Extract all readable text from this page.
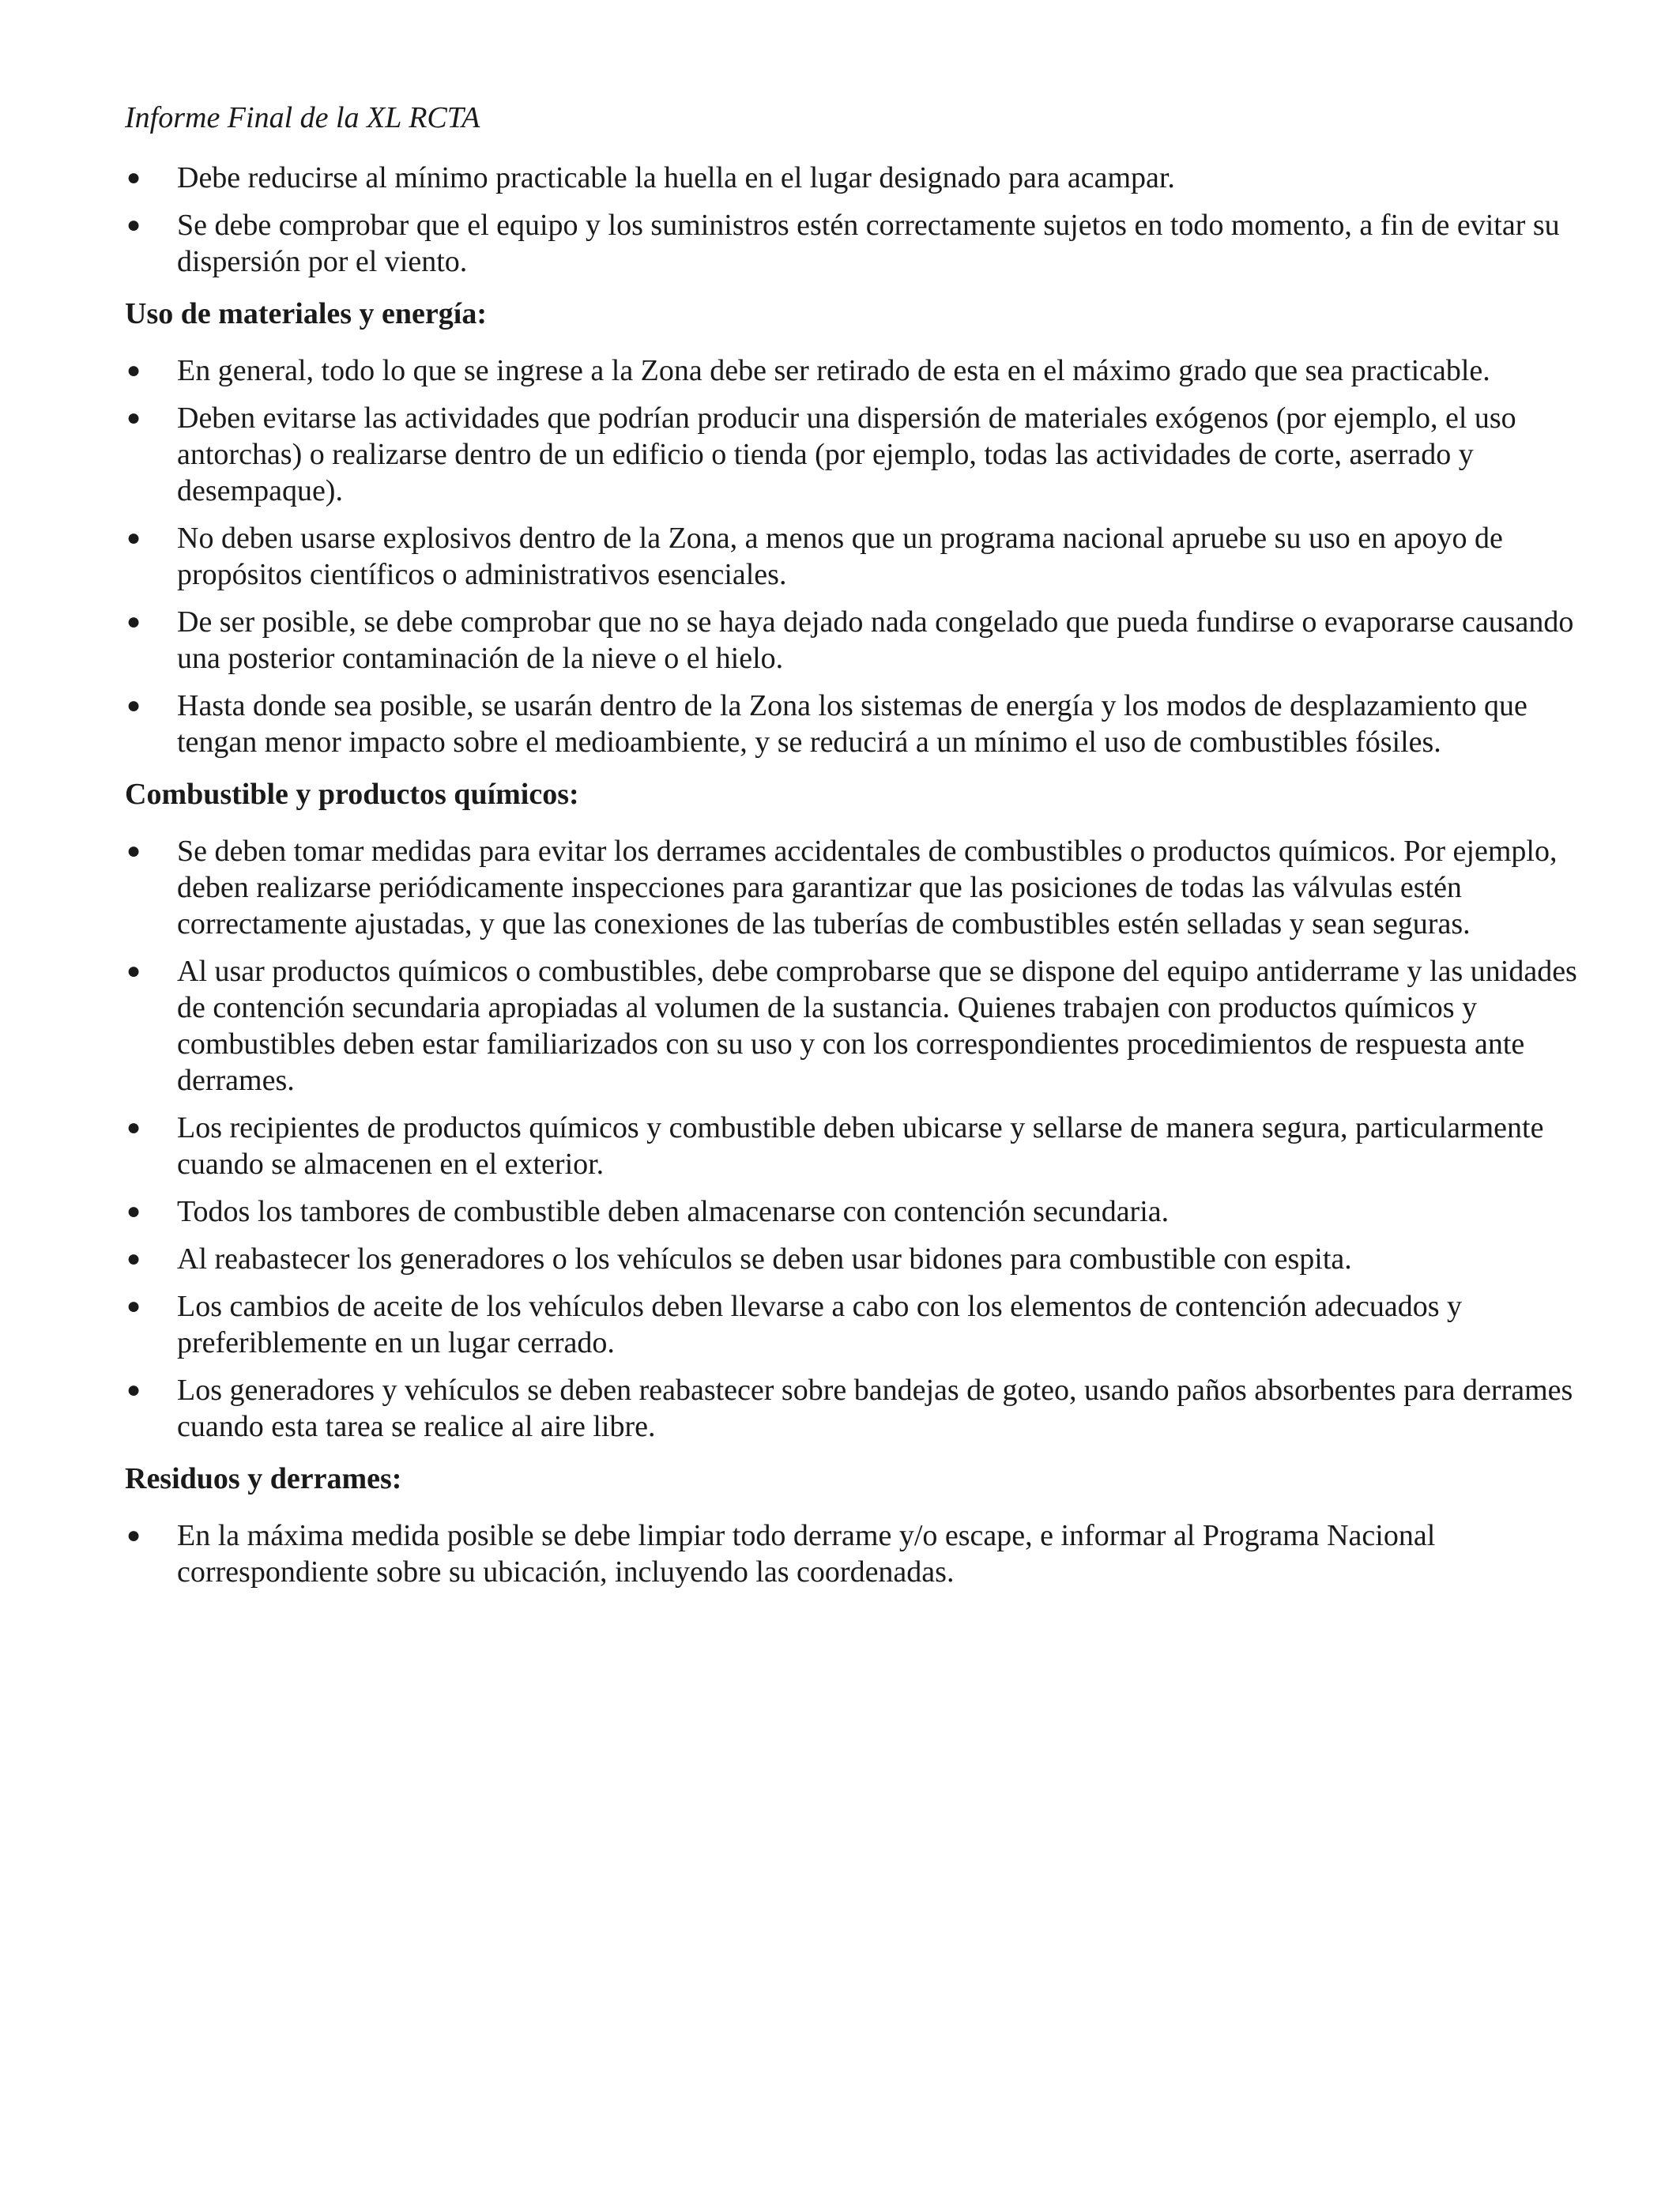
Informe Final de la XL RCTA
●	Debe reducirse al mínimo practicable la huella en el lugar designado para acampar.
●	Se debe comprobar que el equipo y los suministros estén correctamente sujetos en todo momento, a fin de evitar su dispersión por el viento.
Uso de materiales y energía:
●	En general, todo lo que se ingrese a la Zona debe ser retirado de esta en el máximo grado que sea practicable.
●	Deben evitarse las actividades que podrían producir una dispersión de materiales exógenos (por ejemplo, el uso antorchas) o realizarse dentro de un edificio o tienda (por ejemplo, todas las actividades de corte, aserrado y desempaque).
●	No deben usarse explosivos dentro de la Zona, a menos que un programa nacional apruebe su uso en apoyo de propósitos científicos o administrativos esenciales.
●	De ser posible, se debe comprobar que no se haya dejado nada congelado que pueda fundirse o evaporarse causando una posterior contaminación de la nieve o el hielo.
●	Hasta donde sea posible, se usarán dentro de la Zona los sistemas de energía y los modos de desplazamiento que tengan menor impacto sobre el medioambiente, y se reducirá a un mínimo el uso de combustibles fósiles.
Combustible y productos químicos:
●	Se deben tomar medidas para evitar los derrames accidentales de combustibles o productos químicos. Por ejemplo, deben realizarse periódicamente inspecciones para garantizar que las posiciones de todas las válvulas estén correctamente ajustadas, y que las conexiones de las tuberías de combustibles estén selladas y sean seguras.
●	Al usar productos químicos o combustibles, debe comprobarse que se dispone del equipo antiderrame y las unidades de contención secundaria apropiadas al volumen de la sustancia. Quienes trabajen con productos químicos y combustibles deben estar familiarizados con su uso y con los correspondientes procedimientos de respuesta ante derrames.
●	Los recipientes de productos químicos y combustible deben ubicarse y sellarse de manera segura, particularmente cuando se almacenen en el exterior.
●	Todos los tambores de combustible deben almacenarse con contención secundaria.
●	Al reabastecer los generadores o los vehículos se deben usar bidones para combustible con espita.
●	Los cambios de aceite de los vehículos deben llevarse a cabo con los elementos de contención adecuados y preferiblemente en un lugar cerrado.
●	Los generadores y vehículos se deben reabastecer sobre bandejas de goteo, usando paños absorbentes para derrames cuando esta tarea se realice al aire libre.
Residuos y derrames:
●	En la máxima medida posible se debe limpiar todo derrame y/o escape, e informar al Programa Nacional correspondiente sobre su ubicación, incluyendo las coordenadas.
